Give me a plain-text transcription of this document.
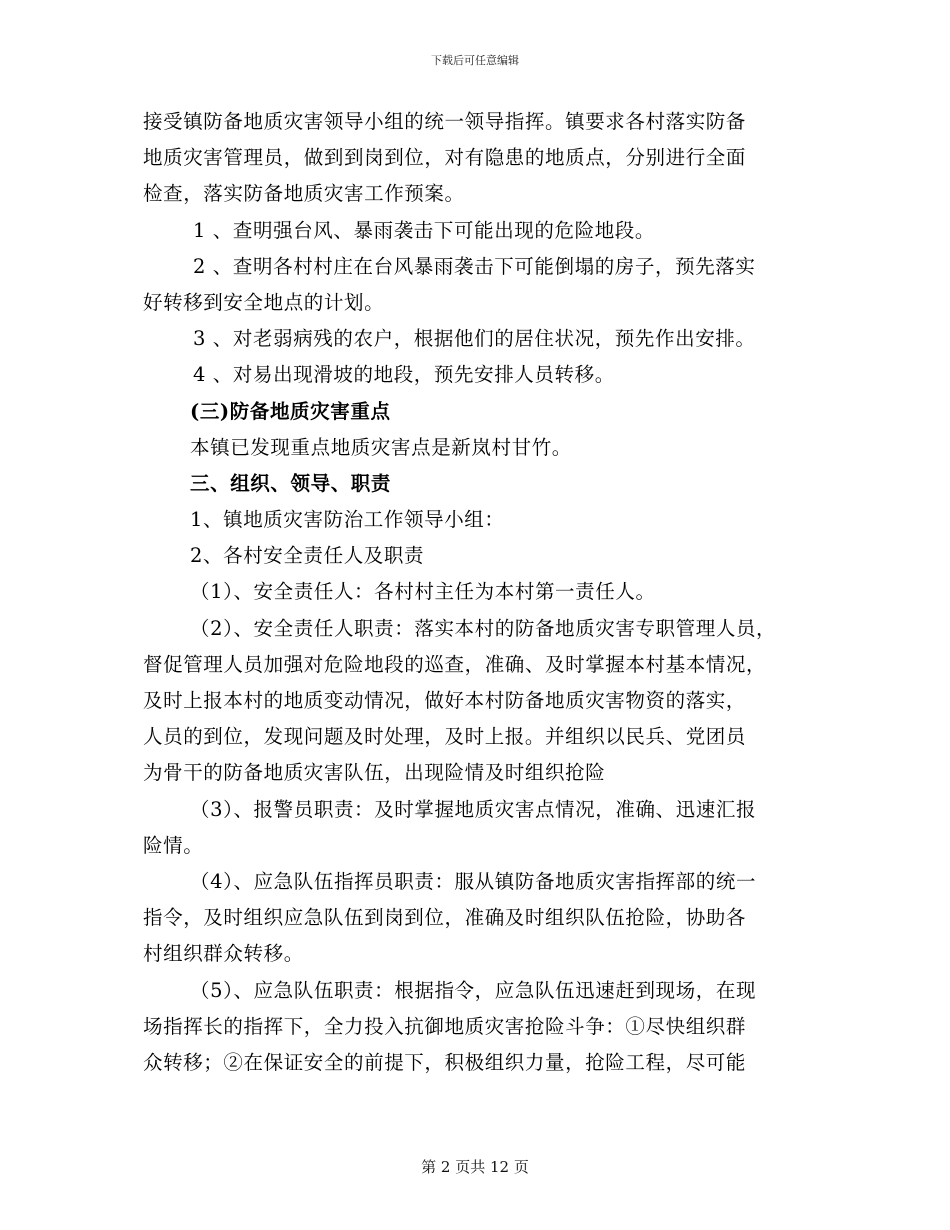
下载后可任意编辑
接受镇防备地质灾害领导小组的统一领导指挥。镇要求各村落实防备
地质灾害管理员，做到到岗到位，对有隐患的地质点，分别进行全面
检查，落实防备地质灾害工作预案。
1 、查明强台风、暴雨袭击下可能出现的危险地段。
2 、查明各村村庄在台风暴雨袭击下可能倒塌的房子，预先落实
好转移到安全地点的计划。
3 、对老弱病残的农户，根据他们的居住状况，预先作出安排。
4 、对易出现滑坡的地段，预先安排人员转移。
(三)防备地质灾害重点
本镇已发现重点地质灾害点是新岚村甘竹。
三、组织、领导、职责
1、镇地质灾害防治工作领导小组：
2、各村安全责任人及职责
（1）、安全责任人：各村村主任为本村第一责任人。
（2）、安全责任人职责：落实本村的防备地质灾害专职管理人员，
督促管理人员加强对危险地段的巡查，准确、及时掌握本村基本情况，
及时上报本村的地质变动情况，做好本村防备地质灾害物资的落实，
人员的到位，发现问题及时处理，及时上报。并组织以民兵、党团员
为骨干的防备地质灾害队伍，出现险情及时组织抢险
（3）、报警员职责：及时掌握地质灾害点情况，准确、迅速汇报
险情。
（4）、应急队伍指挥员职责：服从镇防备地质灾害指挥部的统一
指令，及时组织应急队伍到岗到位，准确及时组织队伍抢险，协助各
村组织群众转移。
（5）、应急队伍职责：根据指令，应急队伍迅速赶到现场，在现
场指挥长的指挥下，全力投入抗御地质灾害抢险斗争：①尽快组织群
众转移；②在保证安全的前提下，积极组织力量，抢险工程，尽可能
第 2 页共 12 页
